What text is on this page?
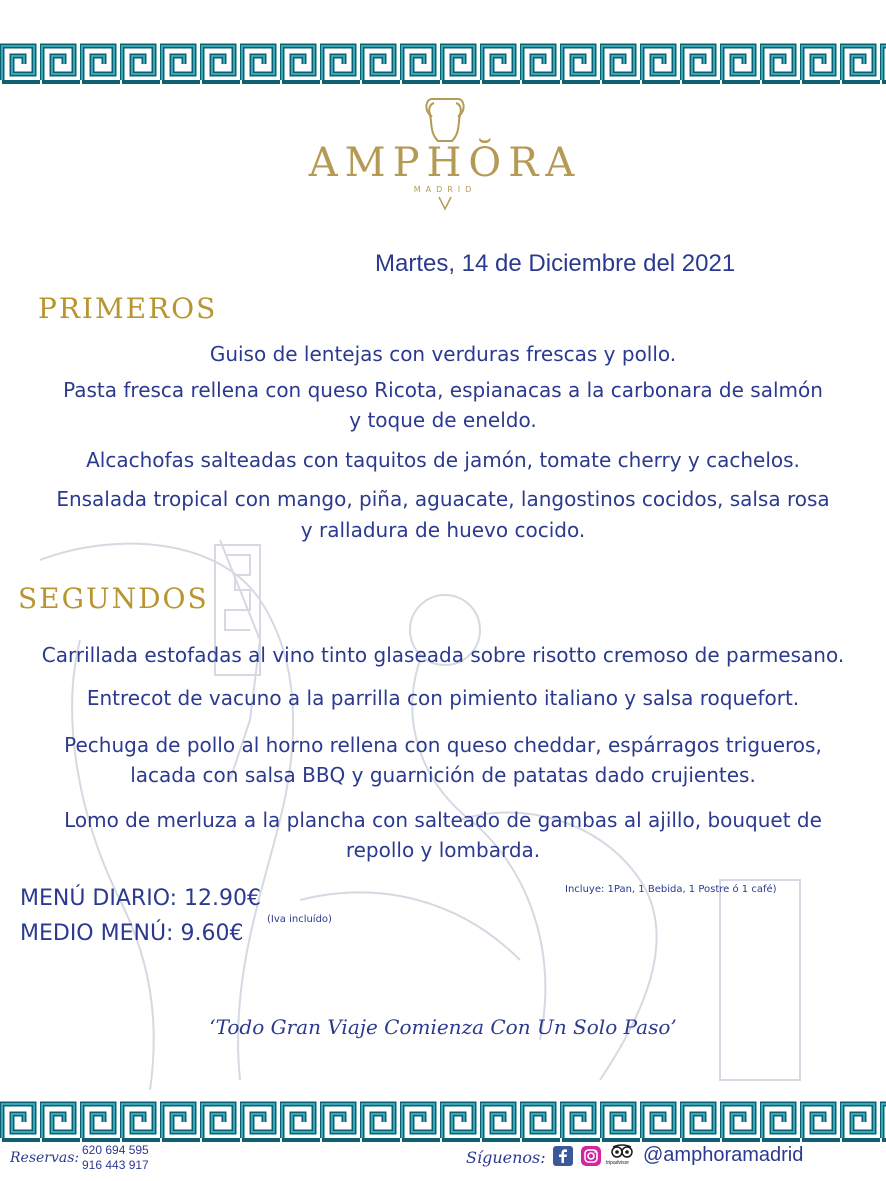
AMPHŎRA
MADRID
Martes, 14 de Diciembre del 2021
PRIMEROS
Guiso de lentejas con verduras frescas y pollo.
Pasta fresca rellena con queso Ricota, espianacas a la carbonara de salmón
y toque de eneldo.
Alcachofas salteadas con taquitos de jamón, tomate cherry y cachelos.
Ensalada tropical con mango, piña, aguacate, langostinos cocidos, salsa rosa
y ralladura de huevo cocido.
SEGUNDOS
Carrillada estofadas al vino tinto glaseada sobre risotto cremoso de parmesano.
Entrecot de vacuno a la parrilla con pimiento italiano y salsa roquefort.
Pechuga de pollo al horno rellena con queso cheddar, espárragos trigueros,
lacada con salsa BBQ y guarnición de patatas dado crujientes.
Lomo de merluza a la plancha con salteado de gambas al ajillo, bouquet de
repollo y lombarda.
MENÚ DIARIO: 12.90€
MEDIO MENÚ: 9.60€
(Iva incluído)
Incluye: 1Pan, 1 Bebida, 1 Postre ó 1 café)
‘Todo Gran Viaje Comienza Con Un Solo Paso’
Reservas: 620 694 595
916 443 917	Síguenos:	tripadvisor @amphoramadrid
